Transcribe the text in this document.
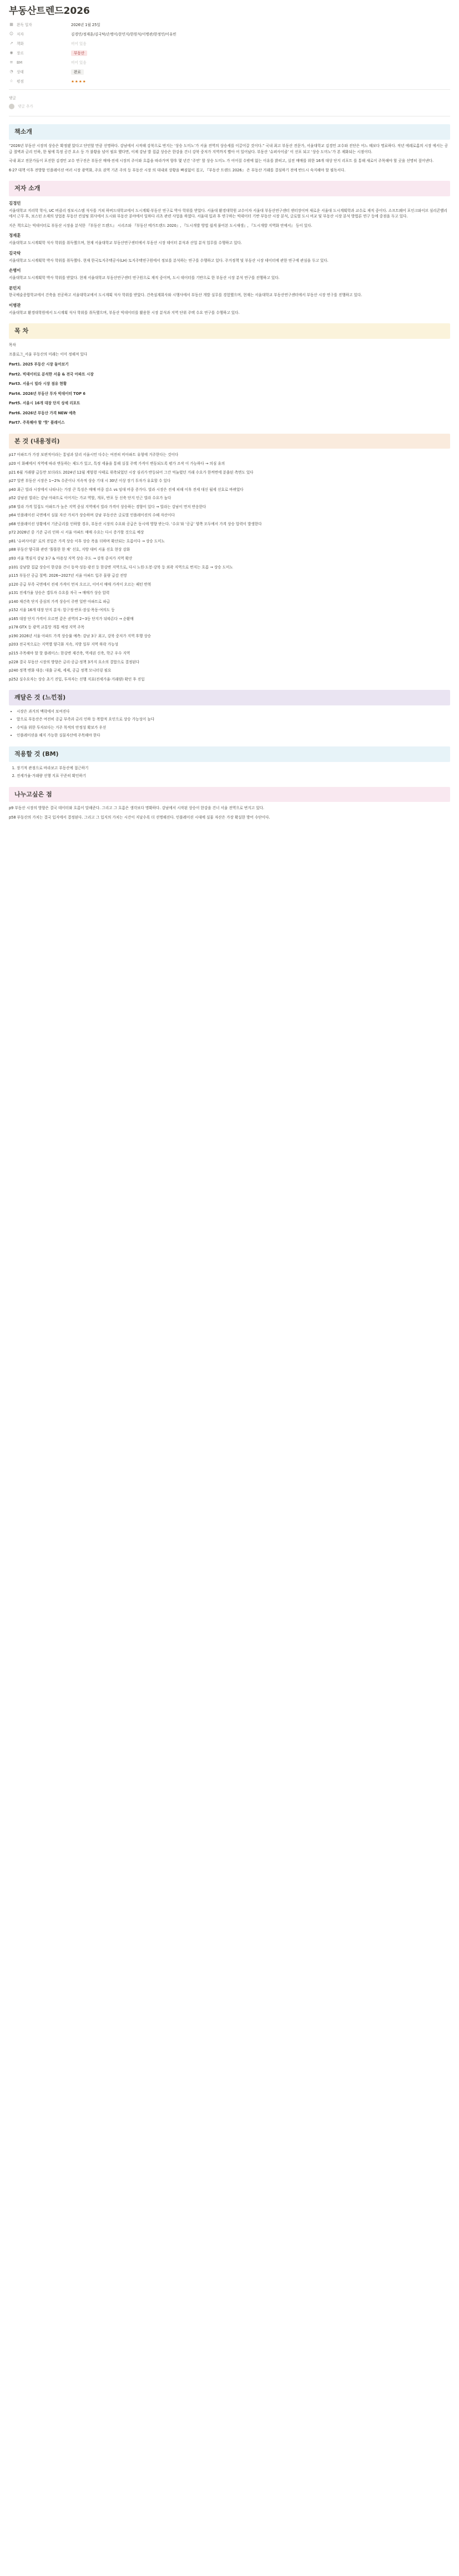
부동산트렌드2026
▦ 완독 일자	2026년 1월 25일
☺ 저자	김경민/정재훈/김국탁/손병이/문민지/한원석/이병관/한정민/이유빈
↗ 책화	비어 있음
◉ 장르	부동산
≡ BM	비어 있음
◔ 상태	완료
☆ 평점	★★★★
댓글
댓글 추가
책소개

“2026년 부동산 시장의 상승은 확정됐 았다고 단언할 만큼 선명하다. 강남에서 시작해 강북으로 번지는 ‘상승 도미노’가 서울 전역의 상승세를 이끌어갈 것이다.” 국내 최고 부동산 전문가, 서울대학교 김경민 교수와 진단은 어느 때보다 명료하다. 작년 에레로홈의 시장 에서는 공급 절벽과 금리 인하, 한 될에 특정 공간 요소 등 가 불황을 넘어 필요 했다면, 이제 강남 발 집값 상승은 한강을 건너 강북 중저가 지역까지 빨아 어 일어났다. 부동산 ‘슈퍼사이클’ 이 선포 되고 ‘상승 도미노’가 본 제화되는 시점이다.

국내 최고 전문가들이 포진한 김경민 교수 연구진은 부동산 매매·전세 시장의 주이와 흐름을 따라가며 향후 몇 년간 ‘주연’ 할 상승 도미노 가 어어질 수밖에 없는 이유를 밝히고, 실전 매매를 위한 16개 대상 단지 리포트 를 통해 새로이 주목해야 할 곳을 선명히 짚어낸다.

6·27 대책 이후 전방향 인플레이션 여러 시장 광역화, 주요 권역 기존 주의 등 부동산 시장 의 대내외 상황을 빠짐없이 짚고, 『부동산 트렌드 2026』 은 부동산 거래를 결심하기 전에 반드시 숙지해야 할 필독서다.

저자 소개
김경민

서울대학교 지리학 학사, UC 버클리 정보시스템 석사를 거쳐 하버드대학교에서 도시계획·부동산 연구로 박사 학위를 받았다. 서울대 환경대학원 교수이자 서울대 부동산연구센터 센터장이며 새로운 서울대 도시계획학과 교수로 재직 중이다. 소프트웨어 포인크와이브 심리콘밸리에서 근무 후, 보스턴 소재의 상업용 부동산 컨설팅 회사에서 도시와 부동산 분야에서 일하다 리츠 관련 사업을 하였다. 서울대 입과 후 연구하는 빅데이터 기반 부동산 시장 분석, 글로벌 도시 비교 및 부동산 시장 분석 방법론 연구 등에 중점을 두고 있다.

지은 책으로는 빅데이터로 부동산 시장을 분석한 『부동산 트렌드』 시리즈와 『부동산 메가트렌드 2020』, 『도시개발 방법 쉽게 풀어본 도시재생』, 『도시개발 지역화 안에서』 등이 있다.

정재훈

서울대학교 도시계획학 석사 학위를 취득했으며, 현재 서울대학교 부동산연구센터에서 부동산 시장 데이터 분석과 산업 분석 업무를 수행하고 있다.

김국탁

서울대학교 도시계획학 박사 학위를 취득했다. 현재 한국토지주택공사(LH) 토지주택연구원에서 정보를 분석하는 연구를 수행하고 있다. 주거정책 및 부동산 시장 데이터에 관한 연구에 관심을 두고 있다.

손병이

서울대학교 도시계획학 박사 학위를 받았다. 현재 서울대학교 부동산연구센터 연구원으로 재직 중이며, 도시 데이터를 기반으로 한 부동산 시장 분석 연구를 진행하고 있다.

문민지

한국예술종합학교에서 건축을 전공하고 서울대학교에서 도시계획 석사 학위를 받았다. 건축설계회사와 시행사에서 부동산 개발 실무를 경험했으며, 현재는 서울대학교 부동산연구센터에서 부동산 시장 연구를 진행하고 있다.

이병관

서울대학교 환경대학원에서 도시계획 석사 학위를 취득했으며, 부동산 빅데이터를 활용한 시장 분석과 지역 단위 주택 수요 연구를 수행하고 있다.

목 차

목차

프롤로그_서울 부동산의 미래는 이미 정해져 있다

Part1. 2025 부동산 시장 돌아보기

Part2. 빅데이터로 분석한 서울 & 전국 아파트 시장

Part3. 서울시 빌라 시장 점유 현황

Part4. 2026년 부동산 투자 빅데이터 TOP 6

Part5. 서울시 16개 대장 단지 상세 리포트

Part6. 2026년 부동산 가격 NEW 예측

Part7. 주목해야 할 ‘핫’ 플레이스

본 것 (내용정리)

p17 아파트가 가장 보편적이라는 통념과 달리 서울시민 다수는 여전히 비아파트 유형에 거주한다는 것이다

p20 이 화폐에서 직역에 따라 변동하는 제도가 있고, 특정 세율을 통해 실질 주택 가격이 변동되도록 평가 조작 이 가능하다 → 의심 유의

p21 6월 거래량 급등만 보더라도 2024년 12월 계엄령 사태로 위축되었던 시장 심리가 반등되어 그간 억눌렸던 거래 수요가 한꺼번에 분출된 측면도 있다

p27 일반 부동산 시장은 1~2% 수준이나 지속적 상승 기대 시 30년 이상 장기 투자가 유효할 수 있다

p40 최근 빌라 시장에서 나타나는 가장 큰 특징은 매매 비중 감소 vs 임대 비중 증가다. 빌라 시장은 전세 피해 이후 전세 대신 월세 선호로 바뀌었다

p52 강남권 빌라는 강남 아파트로 이어지는 가교 역할, 개포, 반포 등 신축 단지 인근 빌라 수요가 높다

p58 빌라 가격 밀집도 아파트가 높은 지역 중심 지역에서 빌라 가격이 상승하는 경향이 있다 → 빌라는 강남이 먼저 반응한다

p64 인플레이션 국면에서 실물 자산 가치가 상승하며 강남 부동산은 글로벌 인플레이션의 수혜 자산이다

p68 인플레이션 상황에서 기준금리를 인하할 경우, 부동산 시장의 수요와 공급은 동시에 영향 받는다. ‘수요’와 ‘공급’ 양쪽 모두에서 가격 상승 압력이 발생한다

p72 2026년 중 기준 금리 인하 시 서울 아파트 매매 수요는 다시 증가할 것으로 예상

p81 ‘슈퍼사이클’ 로의 진입은 가격 상승 이후 상승 폭을 더하며 확산되는 흐름이다 → 상승 도미노

p88 부동산 양극화 관련 ‘똘똘한 한 채’ 선호, 지방 대비 서울 선호 현상 강화

p93 서울 핵심지 강남 3구 & 마용성 지역 상승 주도 → 강북 중저가 지역 확산

p101 강남발 집값 상승이 한강을 건너 동작·성동·광진 등 한강변 지역으로, 다시 노원·도봉·강북 등 외곽 지역으로 번지는 흐름 → 상승 도미노

p115 부동산 공급 절벽: 2026~2027년 서울 아파트 입주 물량 급감 전망

p120 공급 부족 국면에서 전세 가격이 먼저 오르고, 이어서 매매 가격이 오르는 패턴 반복

p131 전세가율 상승은 갭투자 수요를 자극 → 매매가 상승 압력

p140 재건축 단지 중심의 가격 상승이 주변 일반 아파트로 파급

p152 서울 16개 대장 단지 분석: 압구정·반포·잠실·목동·여의도 등

p165 대장 단지 가격이 오르면 같은 권역의 2~3등 단지가 뒤따른다 → 순환매

p178 GTX 등 광역 교통망 개통 예정 지역 주목

p190 2026년 서울 아파트 가격 상승률 예측: 강남 3구 최고, 강북 중저가 지역 후행 상승

p203 전국적으로는 지역별 양극화 지속, 지방 일부 지역 하락 가능성

p215 주목해야 할 핫 플레이스: 한강변 재건축, 역세권 신축, 학군 우수 지역

p228 결국 부동산 시장의 방향은 금리·공급·정책 3가지 요소의 결합으로 결정된다

p240 정책 변화 대응: 대출 규제, 세제, 공급 정책 모니터링 필요

p252 실수요자는 상승 초기 진입, 투자자는 선행 지표(전세가율·거래량) 확인 후 진입

깨달은 것 (느낀점)
• 시장은 과거의 맥락에서 보여진다
• 앞으로 부동산은 여전히 공급 부족과 금리 인하 등 복합적 요인으로 상승 가능성이 높다
• 수익을 위한 투자보다는 거주 목적의 안정성 확보가 우선
• 인플레이션을 헤지 가능한 실물자산에 주목해야 한다
적용할 것 (BM)
1. 장기적 관점으로 바라보고 부동산에 접근하기
2. 전세가율·거래량 선행 지표 꾸준히 확인하기
나누고싶은 점

p9 부동산 시장의 방향은 결국 데이터와 흐름이 말해준다. 그리고 그 흐름은 생각보다 명확하다. 강남에서 시작된 상승이 한강을 건너 서울 전역으로 번지고 있다.

p58 부동산의 가치는 결국 입지에서 결정된다. 그리고 그 입지의 가치는 시간이 지날수록 더 선명해진다. 인플레이션 시대에 실물 자산은 가장 확실한 방어 수단이다.
